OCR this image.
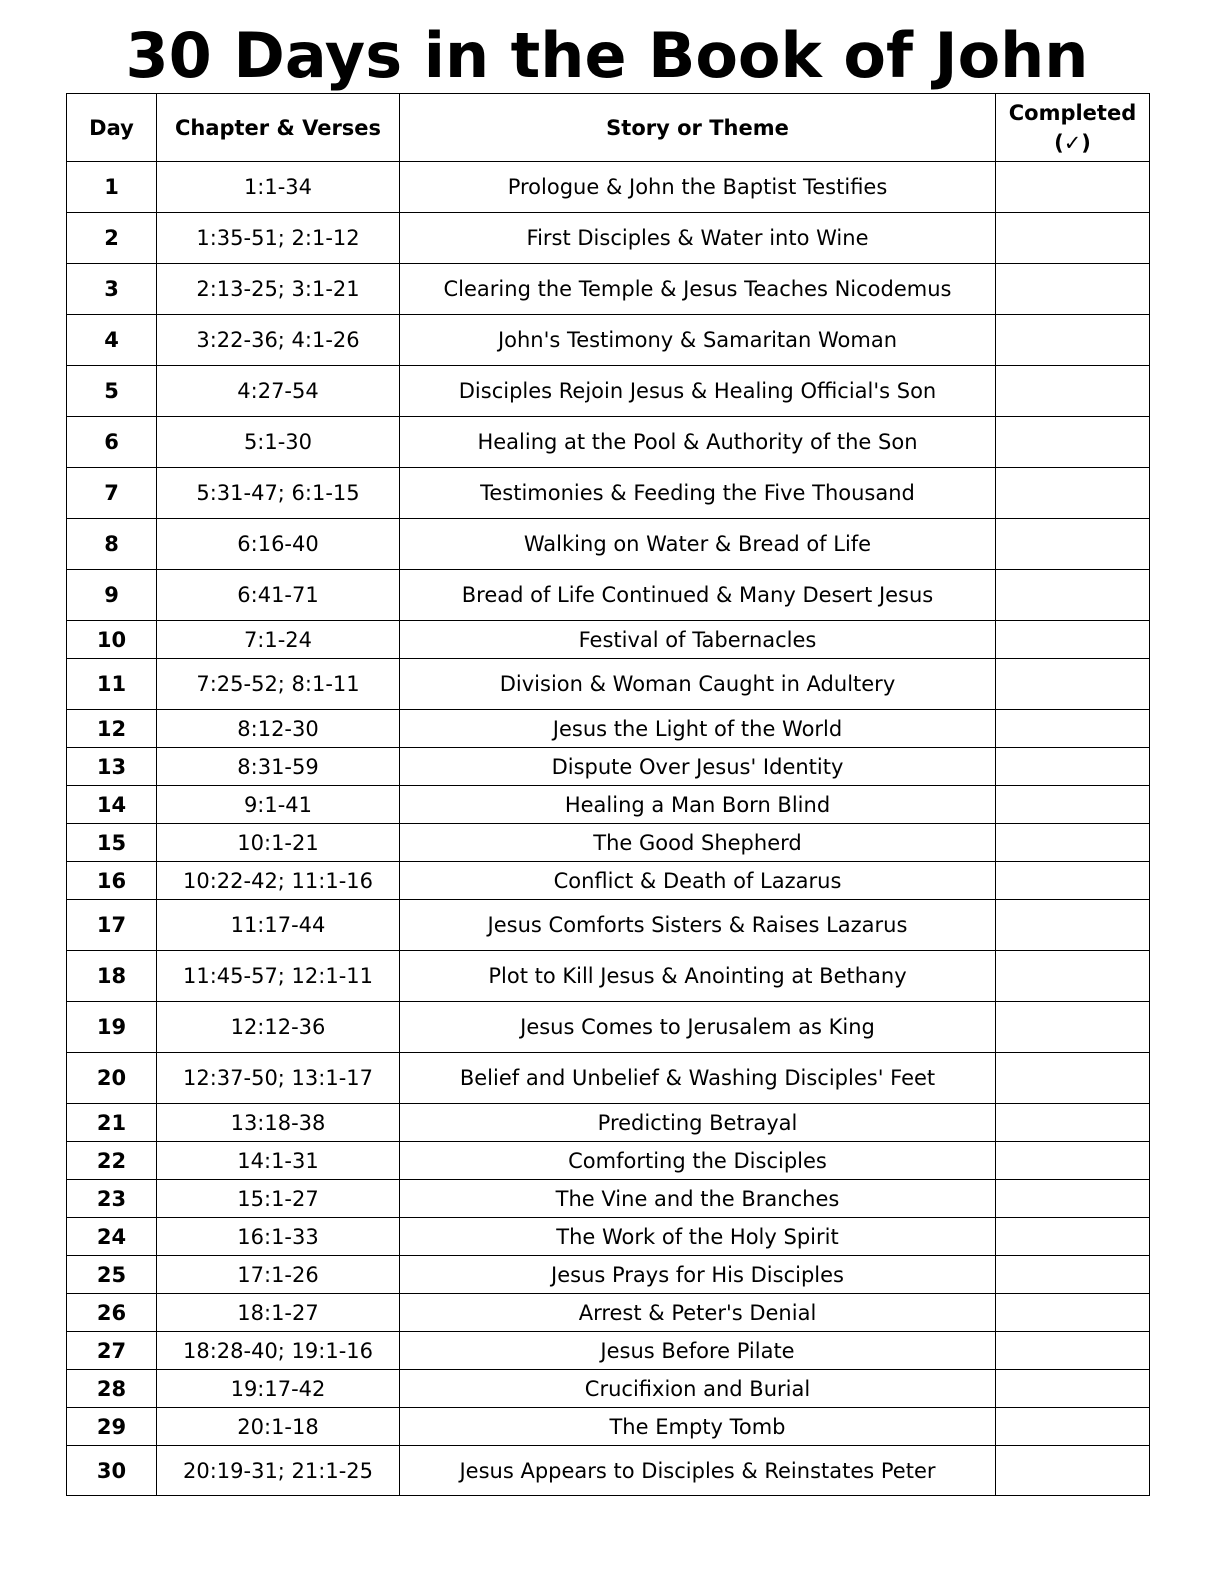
30 Days in the Book of John
Day	Chapter & Verses	Story or Theme	Completed
(✓)
1	1:1-34	Prologue & John the Baptist Testifies	
2	1:35-51; 2:1-12	First Disciples & Water into Wine	
3	2:13-25; 3:1-21	Clearing the Temple & Jesus Teaches Nicodemus	
4	3:22-36; 4:1-26	John's Testimony & Samaritan Woman	
5	4:27-54	Disciples Rejoin Jesus & Healing Official's Son	
6	5:1-30	Healing at the Pool & Authority of the Son	
7	5:31-47; 6:1-15	Testimonies & Feeding the Five Thousand	
8	6:16-40	Walking on Water & Bread of Life	
9	6:41-71	Bread of Life Continued & Many Desert Jesus	
10	7:1-24	Festival of Tabernacles	
11	7:25-52; 8:1-11	Division & Woman Caught in Adultery	
12	8:12-30	Jesus the Light of the World	
13	8:31-59	Dispute Over Jesus' Identity	
14	9:1-41	Healing a Man Born Blind	
15	10:1-21	The Good Shepherd	
16	10:22-42; 11:1-16	Conflict & Death of Lazarus	
17	11:17-44	Jesus Comforts Sisters & Raises Lazarus	
18	11:45-57; 12:1-11	Plot to Kill Jesus & Anointing at Bethany	
19	12:12-36	Jesus Comes to Jerusalem as King	
20	12:37-50; 13:1-17	Belief and Unbelief & Washing Disciples' Feet	
21	13:18-38	Predicting Betrayal	
22	14:1-31	Comforting the Disciples	
23	15:1-27	The Vine and the Branches	
24	16:1-33	The Work of the Holy Spirit	
25	17:1-26	Jesus Prays for His Disciples	
26	18:1-27	Arrest & Peter's Denial	
27	18:28-40; 19:1-16	Jesus Before Pilate	
28	19:17-42	Crucifixion and Burial	
29	20:1-18	The Empty Tomb	
30	20:19-31; 21:1-25	Jesus Appears to Disciples & Reinstates Peter	
